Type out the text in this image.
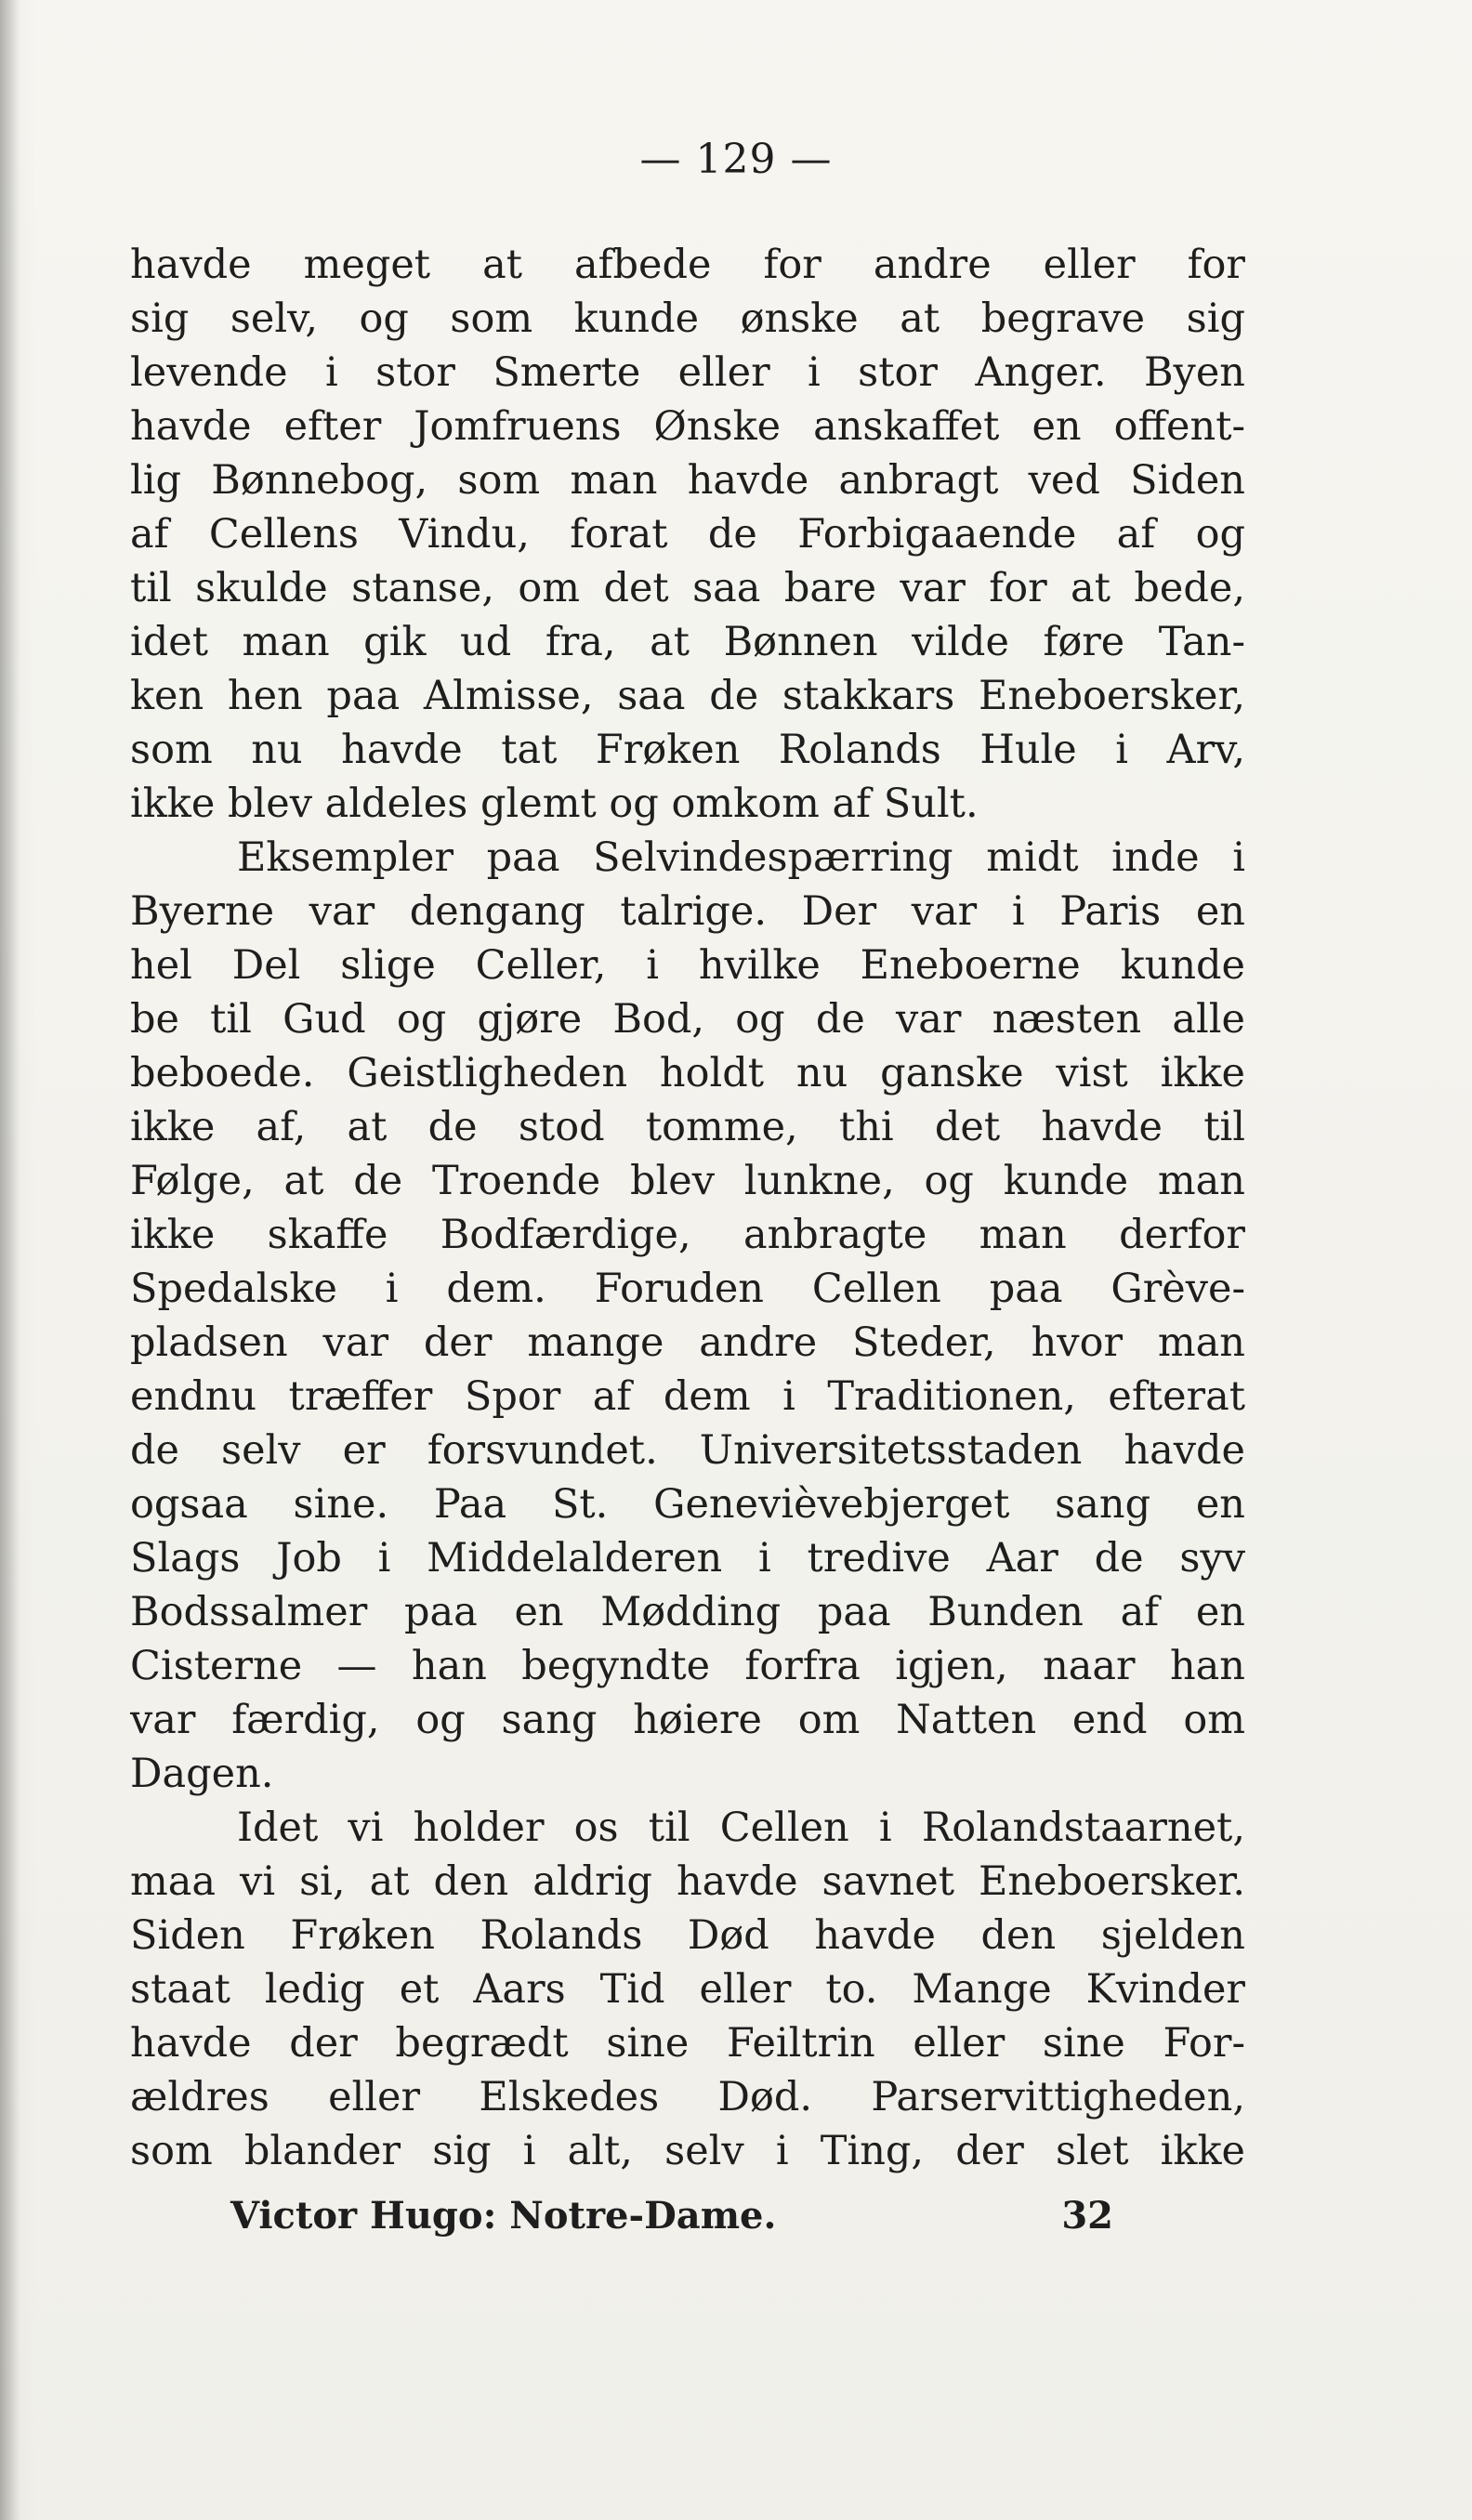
— 129 —
havde meget at afbede for andre eller for
sig selv, og som kunde ønske at begrave sig
levende i stor Smerte eller i stor Anger. Byen
havde efter Jomfruens Ønske anskaffet en offent-
lig Bønnebog, som man havde anbragt ved Siden
af Cellens Vindu, forat de Forbigaaende af og
til skulde stanse, om det saa bare var for at bede,
idet man gik ud fra, at Bønnen vilde føre Tan-
ken hen paa Almisse, saa de stakkars Eneboersker,
som nu havde tat Frøken Rolands Hule i Arv,
ikke blev aldeles glemt og omkom af Sult.
Eksempler paa Selvindespærring midt inde i
Byerne var dengang talrige. Der var i Paris en
hel Del slige Celler, i hvilke Eneboerne kunde
be til Gud og gjøre Bod, og de var næsten alle
beboede. Geistligheden holdt nu ganske vist ikke
ikke af, at de stod tomme, thi det havde til
Følge, at de Troende blev lunkne, og kunde man
ikke skaffe Bodfærdige, anbragte man derfor
Spedalske i dem. Foruden Cellen paa Grève-
pladsen var der mange andre Steder, hvor man
endnu træffer Spor af dem i Traditionen, efterat
de selv er forsvundet. Universitetsstaden havde
ogsaa sine. Paa St. Genevièvebjerget sang en
Slags Job i Middelalderen i tredive Aar de syv
Bodssalmer paa en Mødding paa Bunden af en
Cisterne — han begyndte forfra igjen, naar han
var færdig, og sang høiere om Natten end om
Dagen.
Idet vi holder os til Cellen i Rolandstaarnet,
maa vi si, at den aldrig havde savnet Eneboersker.
Siden Frøken Rolands Død havde den sjelden
staat ledig et Aars Tid eller to. Mange Kvinder
havde der begrædt sine Feiltrin eller sine For-
ældres eller Elskedes Død. Parservittigheden,
som blander sig i alt, selv i Ting, der slet ikke
Victor Hugo: Notre-Dame.	32
